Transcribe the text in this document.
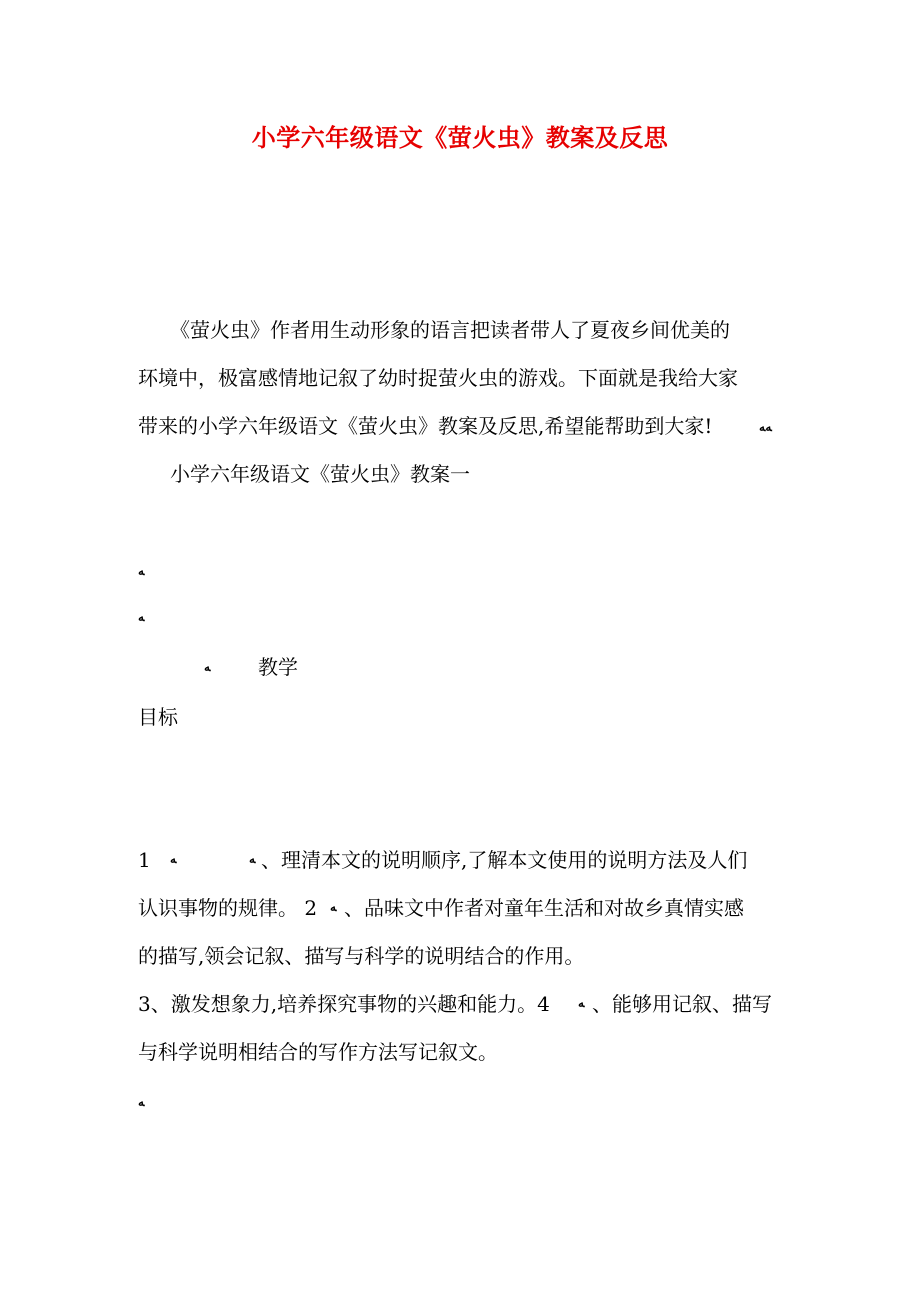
小学六年级语文《萤火虫》教案及反思
《萤火虫》作者用生动形象的语言把读者带人了夏夜乡间优美的
环境中，极富感情地记叙了幼时捉萤火虫的游戏。下面就是我给大家
带来的小学六年级语文《萤火虫》教案及反思,希望能帮助到大家!	ﻪﻪ
小学六年级语文《萤火虫》教案一
ﻪ
ﻪ
ﻪ 教学
目标
1 ﻪ	ﻪ 、理清本文的说明顺序,了解本文使用的说明方法及人们
认识事物的规律。 2 ﻪ 、品味文中作者对童年生活和对故乡真情实感
的描写,领会记叙、描写与科学的说明结合的作用。
3、激发想象力,培养探究事物的兴趣和能力。4 ﻪ 、能够用记叙、描写
与科学说明相结合的写作方法写记叙文。
ﻪ
